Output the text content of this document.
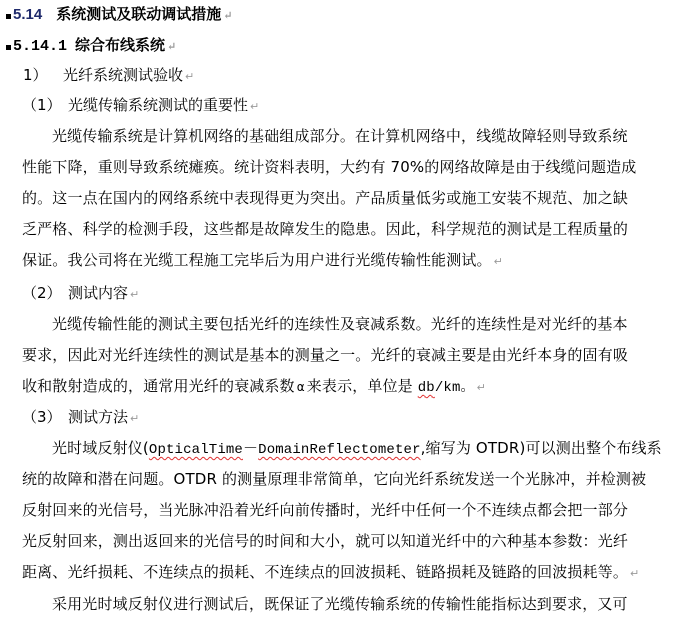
5.14 系统测试及联动调试措施 ↵
5.14.1 综合布线系统 ↵
1） 光纤系统测试验收 ↵
（1） 光缆传输系统测试的重要性 ↵
光缆传输系统是计算机网络的基础组成部分。在计算机网络中，线缆故障轻则导致系统
性能下降，重则导致系统瘫痪。统计资料表明，大约有 70%的网络故障是由于线缆问题造成
的。这一点在国内的网络系统中表现得更为突出。产品质量低劣或施工安装不规范、加之缺
乏严格、科学的检测手段，这些都是故障发生的隐患。因此，科学规范的测试是工程质量的
保证。我公司将在光缆工程施工完毕后为用户进行光缆传输性能测试。 ↵
（2） 测试内容 ↵
光缆传输性能的测试主要包括光纤的连续性及衰减系数。光纤的连续性是对光纤的基本
要求，因此对光纤连续性的测试是基本的测量之一。光纤的衰减主要是由光纤本身的固有吸
收和散射造成的，通常用光纤的衰减系数 α 来表示，单位是 db/km。 ↵
（3） 测试方法 ↵
光时域反射仪(OpticalTime－DomainReflectometer,缩写为 OTDR)可以测出整个布线系
统的故障和潜在问题。OTDR 的测量原理非常简单，它向光纤系统发送一个光脉冲，并检测被
反射回来的光信号，当光脉冲沿着光纤向前传播时，光纤中任何一个不连续点都会把一部分
光反射回来，测出返回来的光信号的时间和大小，就可以知道光纤中的六种基本参数：光纤
距离、光纤损耗、不连续点的损耗、不连续点的回波损耗、链路损耗及链路的回波损耗等。 ↵
采用光时域反射仪进行测试后，既保证了光缆传输系统的传输性能指标达到要求，又可
